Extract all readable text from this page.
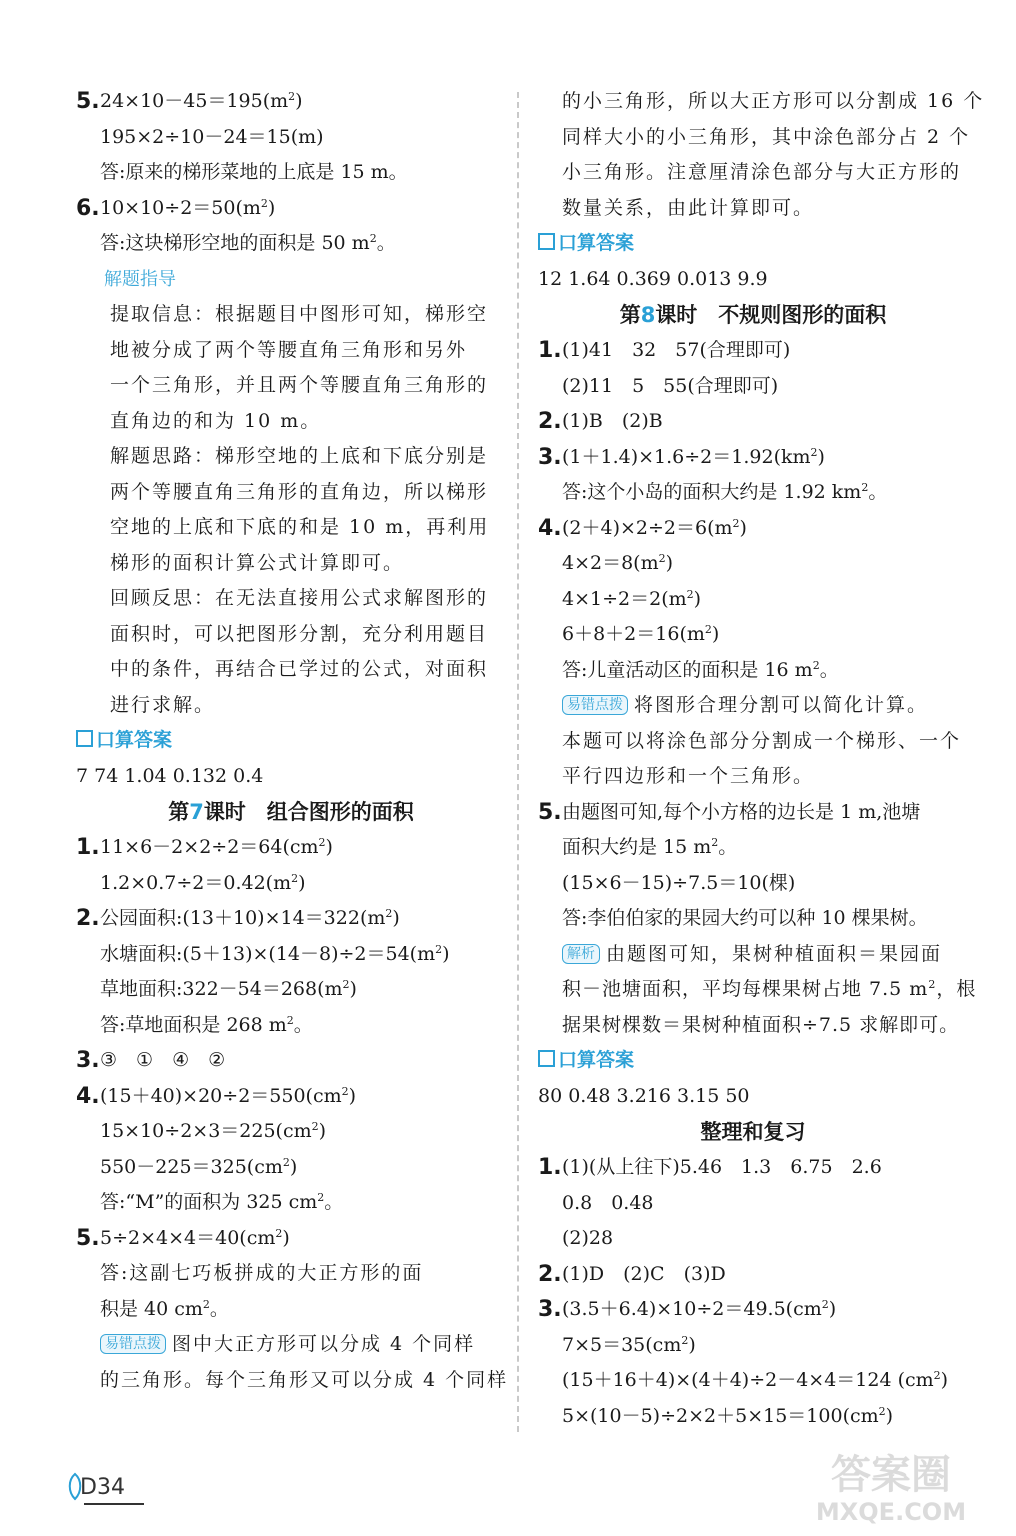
5. $24\times 10-45=195(m^2)$
195×2÷10－24＝15(m)
答:原来的梯形菜地的上底是 15 m。
6. $10\times 10\div 2=50(m^2)$
答:这块梯形空地的面积是 50 $m^2$。
解题指导
提取信息：根据题目中图形可知，梯形空
地被分成了两个等腰直角三角形和另外
一个三角形，并且两个等腰直角三角形的
直角边的和为 10 m。
解题思路：梯形空地的上底和下底分别是
两个等腰直角三角形的直角边，所以梯形
空地的上底和下底的和是 10 m，再利用
梯形的面积计算公式计算即可。
回顾反思：在无法直接用公式求解图形的
面积时，可以把图形分割，充分利用题目
中的条件，再结合已学过的公式，对面积
进行求解。
口算答案
7 74 1.04 0.132 0.4
第7课时　组合图形的面积
1. $11\times 6-2\times 2\div 2=64(cm^2)$
$1.2\times 0.7\div 2=0.42(m^2)$
2. 公园面积$:(13+10)\times 14=322(m^2)$
水塘面积$:(5+13)\times(14-8)\div 2=54(m^2)$
草地面积$:322-54=268(m^2)$
答:草地面积是 268 $m^2$。
3. ③　①　④　②
4. $(15+40)\times 20\div 2=550(cm^2)$
$15\times 10\div 2\times 3=225(cm^2)$
$550-225=325(cm^2)$
答:“M”的面积为 325 $cm^2$。
5. $5\div 2\times 4\times 4=40(cm^2)$
答:这副七巧板拼成的大正方形的面
积是 40 $cm^2$。
易错点拨 图中大正方形可以分成 4 个同样
的三角形。每个三角形又可以分成 4 个同样
的小三角形，所以大正方形可以分割成 16 个
同样大小的小三角形，其中涂色部分占 2 个
小三角形。注意厘清涂色部分与大正方形的
数量关系，由此计算即可。
口算答案
12 1.64 0.369 0.013 9.9
第8课时　不规则图形的面积
1. (1)41　32　57(合理即可)
(2)11　5　55(合理即可)
2. (1)B　(2)B
3. $(1+1.4)\times 1.6\div 2=1.92(km^2)$
答:这个小岛的面积大约是 1.92 $km^2$。
4. $(2+4)\times 2\div 2=6(m^2)$
$4\times 2=8(m^2)$
$4\times 1\div 2=2(m^2)$
$6+8+2=16(m^2)$
答:儿童活动区的面积是 16 $m^2$。
易错点拨 将图形合理分割可以简化计算。
本题可以将涂色部分分割成一个梯形、一个
平行四边形和一个三角形。
5. 由题图可知,每个小方格的边长是 1 m,池塘
面积大约是 15 $m^2$。
(15×6－15)÷7.5＝10(棵)
答:李伯伯家的果园大约可以种 10 棵果树。
解析 由题图可知，果树种植面积＝果园面
积－池塘面积，平均每棵果树占地 7.5 $m^2$，根
据果树棵数＝果树种植面积÷7.5 求解即可。
口算答案
80 0.48 3.216 3.15 50
整理和复习
1. (1)(从上往下)5.46　1.3　6.75　2.6
0.8　0.48
(2)28
2. (1)D　(2)C　(3)D
3. $(3.5+6.4)\times 10\div 2=49.5(cm^2)$
$7\times 5=35(cm^2)$
(15＋16＋4)×(4＋4)÷2－4×4＝124 $(cm^2)$
$5\times(10-5)\div 2\times 2+5\times 15=100(cm^2)$
D34	答案圈
MXQE.COM
